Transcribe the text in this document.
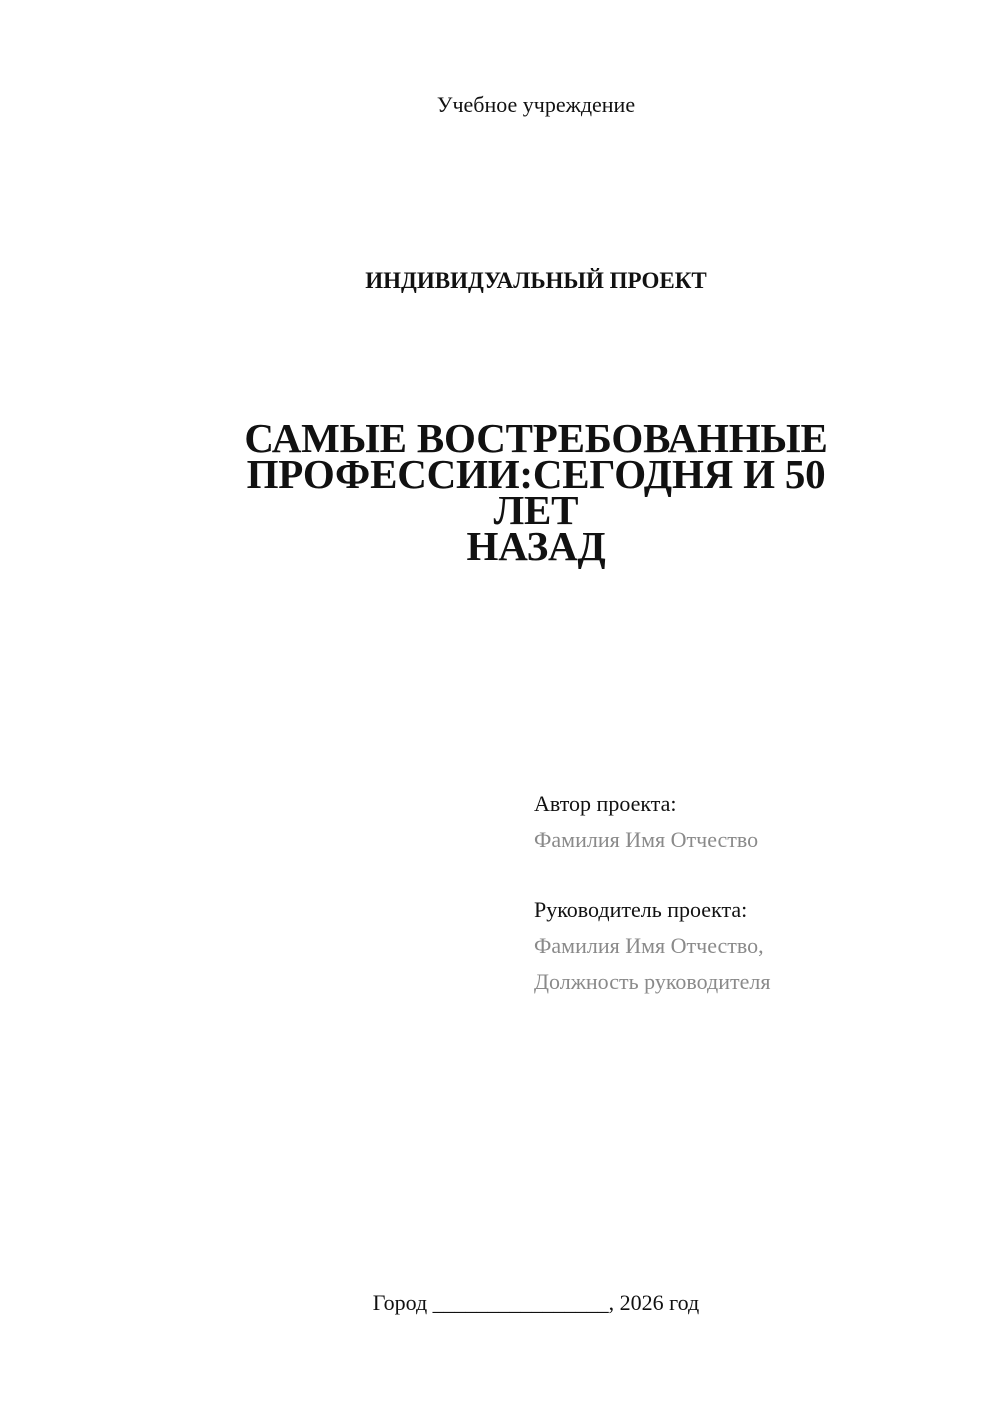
Учебное учреждение
ИНДИВИДУАЛЬНЫЙ ПРОЕКТ
САМЫЕ ВОСТРЕБОВАННЫЕ
ПРОФЕССИИ:СЕГОДНЯ И 50 ЛЕТ
НАЗАД
Автор проекта:
Фамилия Имя Отчество
Руководитель проекта:
Фамилия Имя Отчество,
Должность руководителя
Город ________________, 2026 год
